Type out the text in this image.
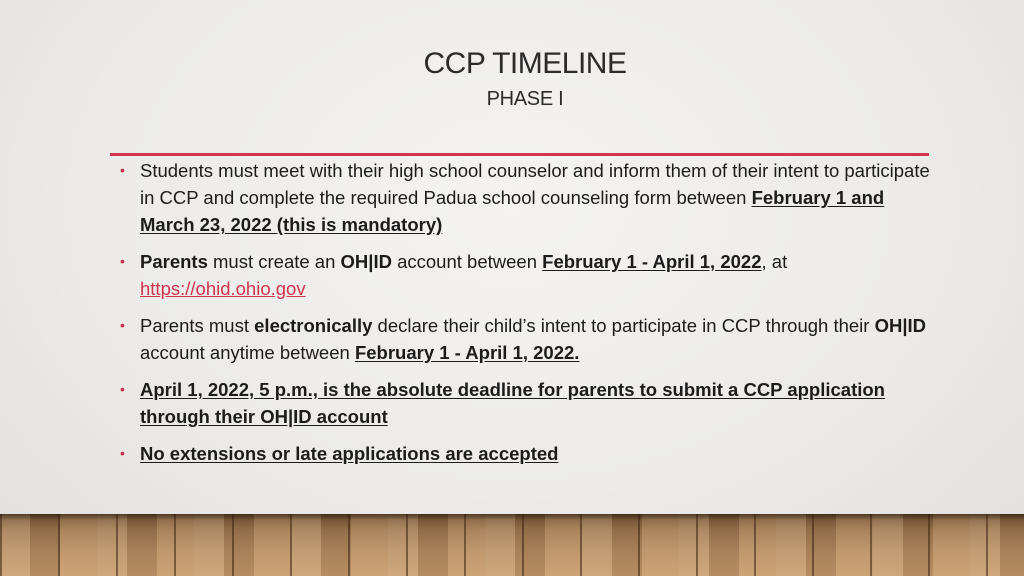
CCP TIMELINE
PHASE I
• Students must meet with their high school counselor and inform them of their intent to participate in CCP and complete the required Padua school counseling form between February 1 and March 23, 2022 (this is mandatory)
• Parents must create an OH|ID account between February 1 - April 1, 2022, at
https://ohid.ohio.gov
• Parents must electronically declare their child’s intent to participate in CCP through their OH|ID account anytime between February 1 - April 1, 2022.
• April 1, 2022, 5 p.m., is the absolute deadline for parents to submit a CCP application through their OH|ID account
• No extensions or late applications are accepted
